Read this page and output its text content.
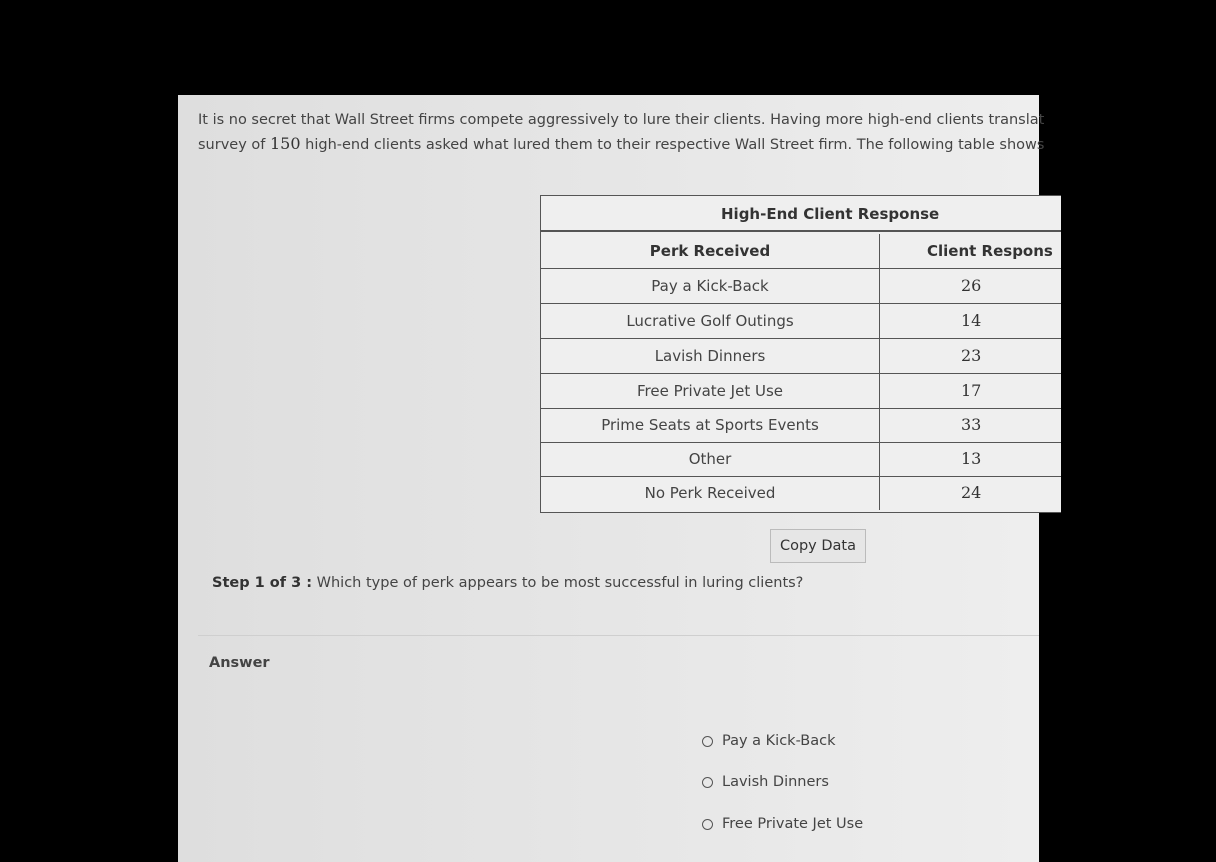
It is no secret that Wall Street firms compete aggressively to lure their clients. Having more high-end clients translat
survey of 150 high-end clients asked what lured them to their respective Wall Street firm. The following table shows
High-End Client Response
Perk Received	Client Respons
Pay a Kick-Back	26
Lucrative Golf Outings	14
Lavish Dinners	23
Free Private Jet Use	17
Prime Seats at Sports Events	33
Other	13
No Perk Received	24
Copy Data
Step 1 of 3 : Which type of perk appears to be most successful in luring clients?
Answer
Pay a Kick-Back
Lavish Dinners
Free Private Jet Use
